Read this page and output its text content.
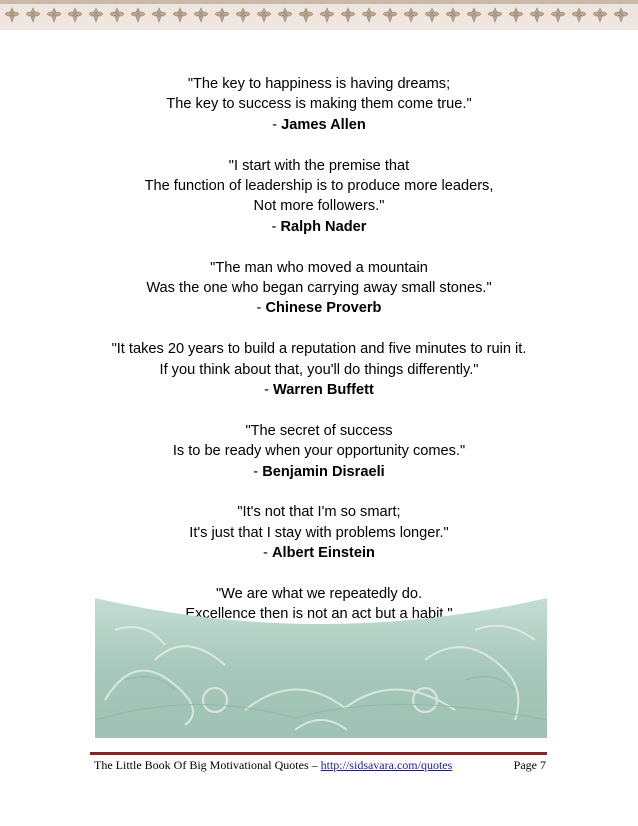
"The key to happiness is having dreams;
The key to success is making them come true."
- James Allen
"I start with the premise that
The function of leadership is to produce more leaders,
Not more followers."
- Ralph Nader
"The man who moved a mountain
Was the one who began carrying away small stones."
- Chinese Proverb
"It takes 20 years to build a reputation and five minutes to ruin it.
If you think about that, you'll do things differently."
- Warren Buffett
"The secret of success
Is to be ready when your opportunity comes."
- Benjamin Disraeli
"It's not that I'm so smart;
It's just that I stay with problems longer."
- Albert Einstein
"We are what we repeatedly do.
Excellence then is not an act but a habit."
The Little Book Of Big Motivational Quotes – http://sidsavara.com/quotes	Page 7
